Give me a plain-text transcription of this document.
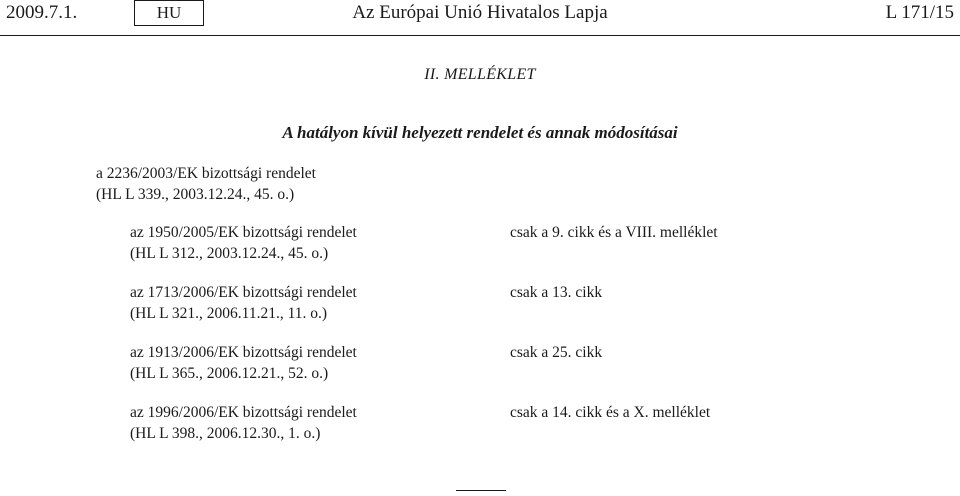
2009.7.1.	HU	Az Európai Unió Hivatalos Lapja	L 171/15
II. MELLÉKLET
A hatályon kívül helyezett rendelet és annak módosításai
a 2236/2003/EK bizottsági rendelet
(HL L 339., 2003.12.24., 45. o.)
az 1950/2005/EK bizottsági rendelet
(HL L 312., 2003.12.24., 45. o.)
csak a 9. cikk és a VIII. melléklet
az 1713/2006/EK bizottsági rendelet
(HL L 321., 2006.11.21., 11. o.)
csak a 13. cikk
az 1913/2006/EK bizottsági rendelet
(HL L 365., 2006.12.21., 52. o.)
csak a 25. cikk
az 1996/2006/EK bizottsági rendelet
(HL L 398., 2006.12.30., 1. o.)
csak a 14. cikk és a X. melléklet
